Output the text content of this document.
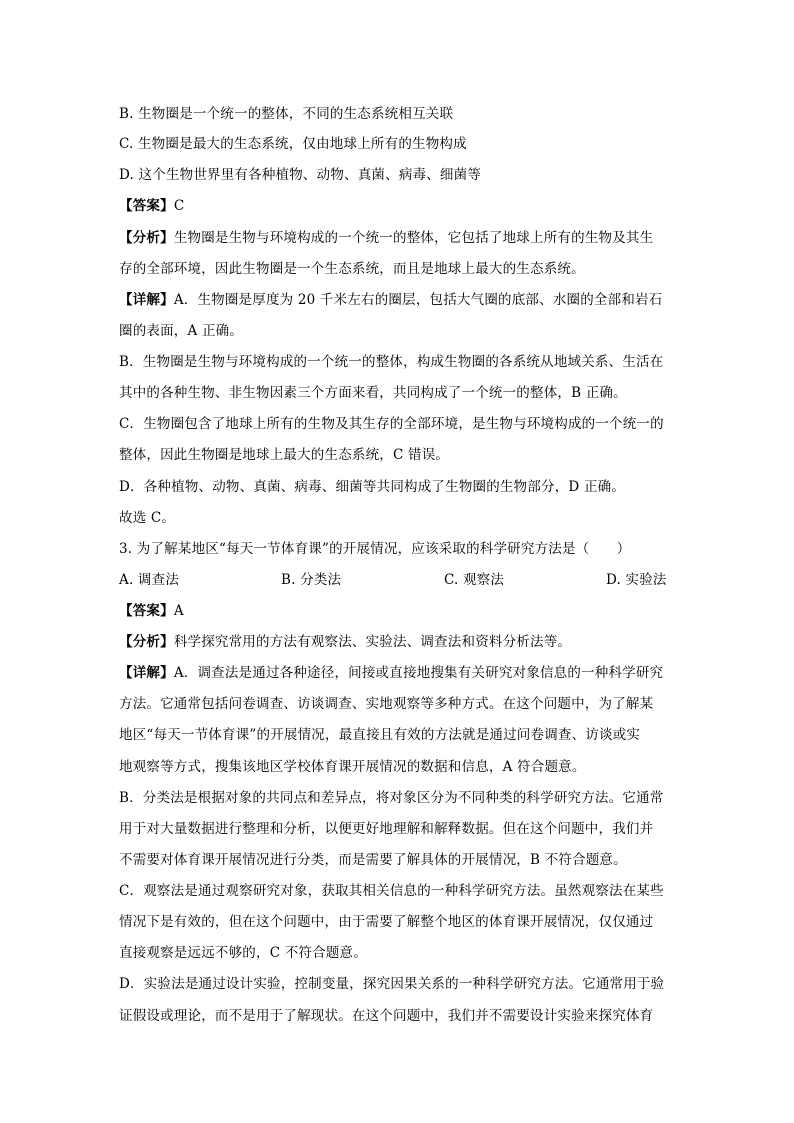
B. 生物圈是一个统一的整体，不同的生态系统相互关联
C. 生物圈是最大的生态系统，仅由地球上所有的生物构成
D. 这个生物世界里有各种植物、动物、真菌、病毒、细菌等
【答案】C
【分析】生物圈是生物与环境构成的一个统一的整体，它包括了地球上所有的生物及其生
存的全部环境，因此生物圈是一个生态系统，而且是地球上最大的生态系统。
【详解】A．生物圈是厚度为 20 千米左右的圈层，包括大气圈的底部、水圈的全部和岩石
圈的表面，A 正确。
B．生物圈是生物与环境构成的一个统一的整体，构成生物圈的各系统从地域关系、生活在
其中的各种生物、非生物因素三个方面来看，共同构成了一个统一的整体，B 正确。
C．生物圈包含了地球上所有的生物及其生存的全部环境，是生物与环境构成的一个统一的
整体，因此生物圈是地球上最大的生态系统，C 错误。
D．各种植物、动物、真菌、病毒、细菌等共同构成了生物圈的生物部分，D 正确。
故选 C。
3. 为了解某地区“每天一节体育课”的开展情况，应该采取的科学研究方法是（　　）
A. 调查法	B. 分类法	C. 观察法	D. 实验法
【答案】A
【分析】科学探究常用的方法有观察法、实验法、调查法和资料分析法等。
【详解】A．调查法是通过各种途径，间接或直接地搜集有关研究对象信息的一种科学研究
方法。它通常包括问卷调查、访谈调查、实地观察等多种方式。在这个问题中，为了解某
地区“每天一节体育课”的开展情况，最直接且有效的方法就是通过问卷调查、访谈或实
地观察等方式，搜集该地区学校体育课开展情况的数据和信息，A 符合题意。
B．分类法是根据对象的共同点和差异点，将对象区分为不同种类的科学研究方法。它通常
用于对大量数据进行整理和分析，以便更好地理解和解释数据。但在这个问题中，我们并
不需要对体育课开展情况进行分类，而是需要了解具体的开展情况，B 不符合题意。
C．观察法是通过观察研究对象，获取其相关信息的一种科学研究方法。虽然观察法在某些
情况下是有效的，但在这个问题中，由于需要了解整个地区的体育课开展情况，仅仅通过
直接观察是远远不够的，C 不符合题意。
D．实验法是通过设计实验，控制变量，探究因果关系的一种科学研究方法。它通常用于验
证假设或理论，而不是用于了解现状。在这个问题中，我们并不需要设计实验来探究体育
